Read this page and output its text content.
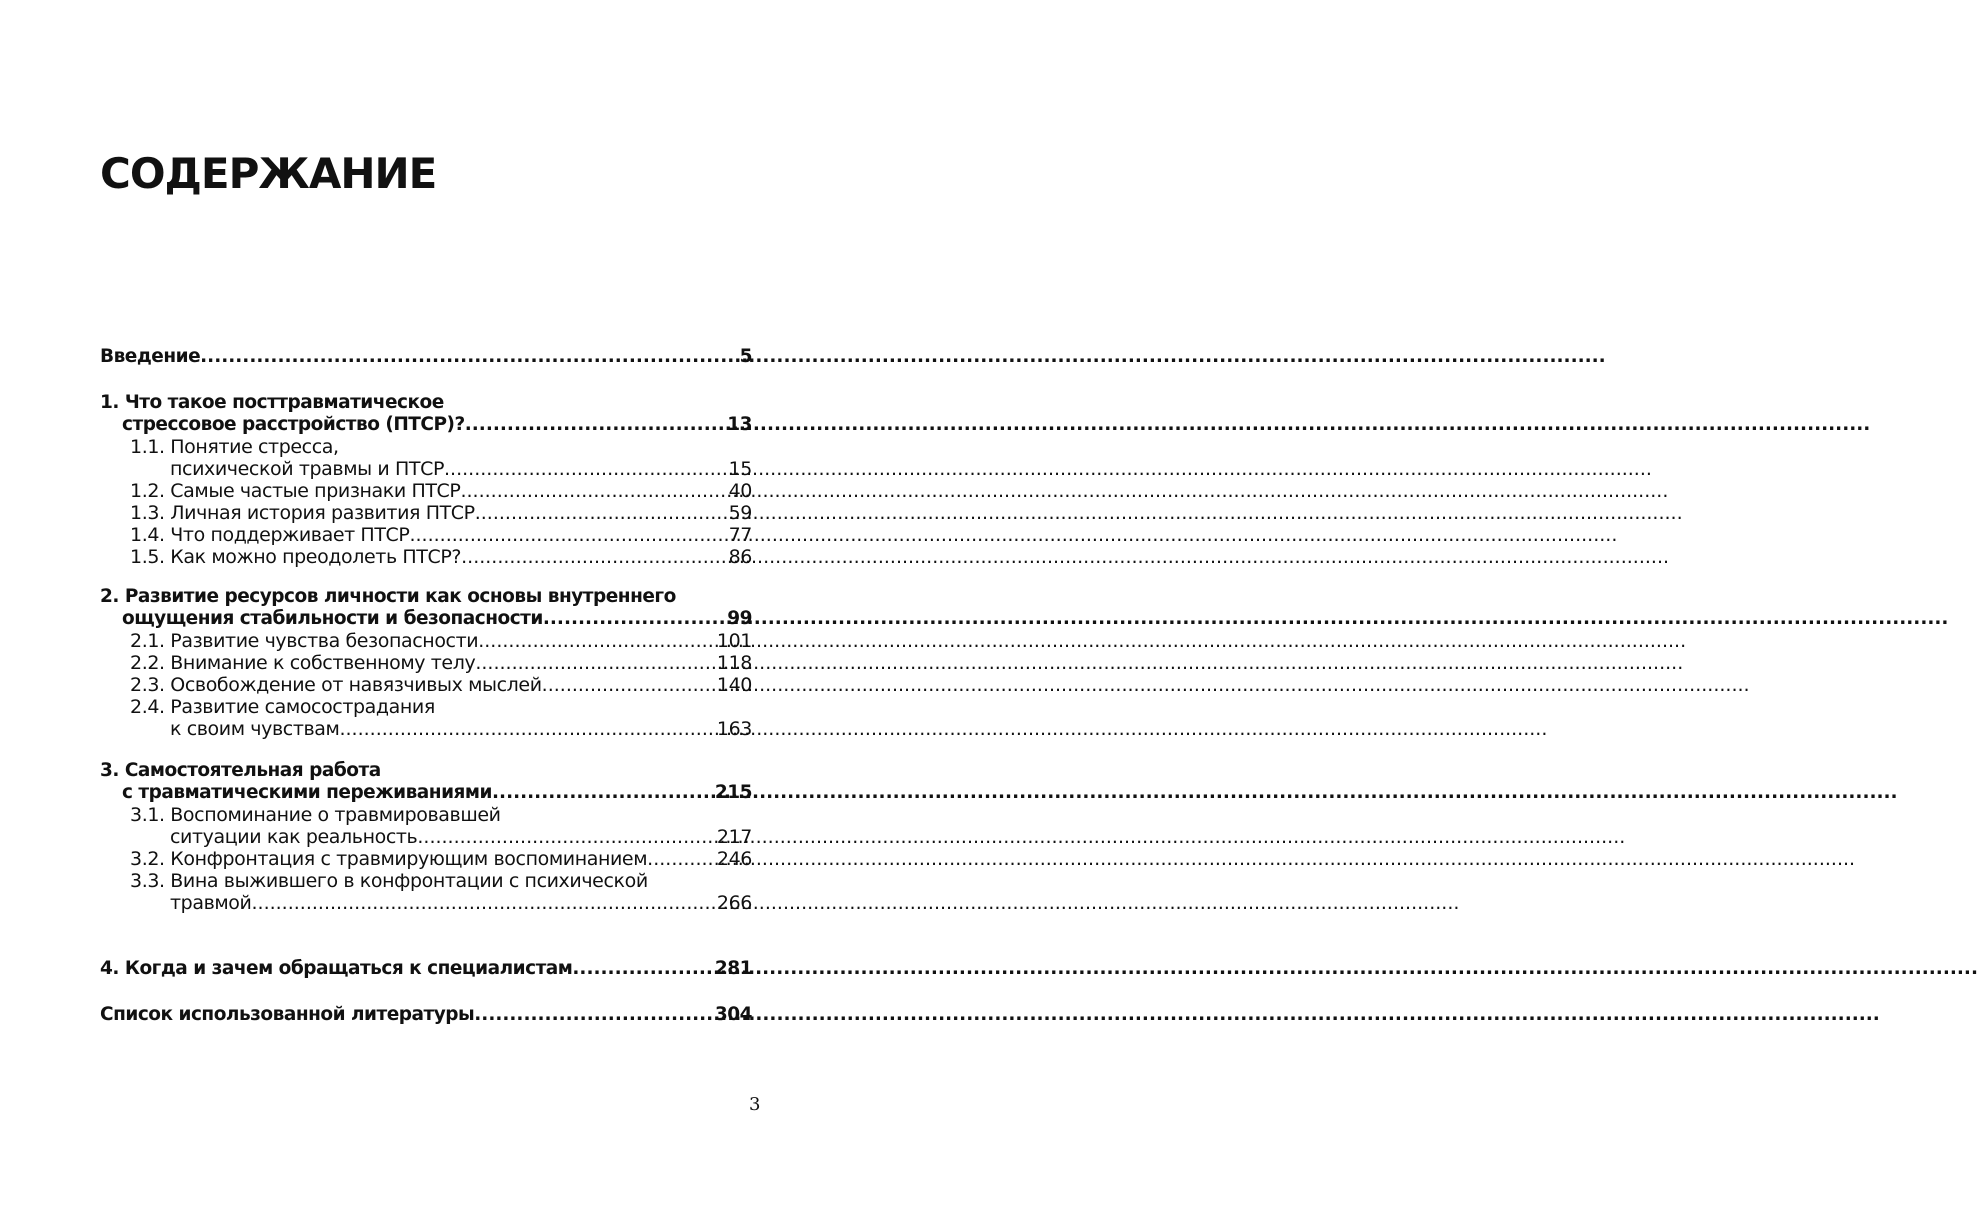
СОДЕРЖАНИЕ
Введение .....	5
1. Что такое посттравматическое
стрессовое расстройство (ПТСР)? .....	13
1.1. Понятие стресса,
психической травмы и ПТСР .....	15
1.2. Самые частые признаки ПТСР .....	40
1.3. Личная история развития ПТСР .....	59
1.4. Что поддерживает ПТСР .....	77
1.5. Как можно преодолеть ПТСР? .....	86
2. Развитие ресурсов личности как основы внутреннего
ощущения стабильности и безопасности .....	99
2.1. Развитие чувства безопасности .....	101
2.2. Внимание к собственному телу .....	118
2.3. Освобождение от навязчивых мыслей .....	140
2.4. Развитие самосострадания
к своим чувствам .....	163
3. Самостоятельная работа
с травматическими переживаниями .....	215
3.1. Воспоминание о травмировавшей
ситуации как реальность .....	217
3.2. Конфронтация с травмирующим воспоминанием .....	246
3.3. Вина выжившего в конфронтации с психической
травмой .....	266
4. Когда и зачем обращаться к специалистам .....	281
Список использованной литературы .....	304

3
